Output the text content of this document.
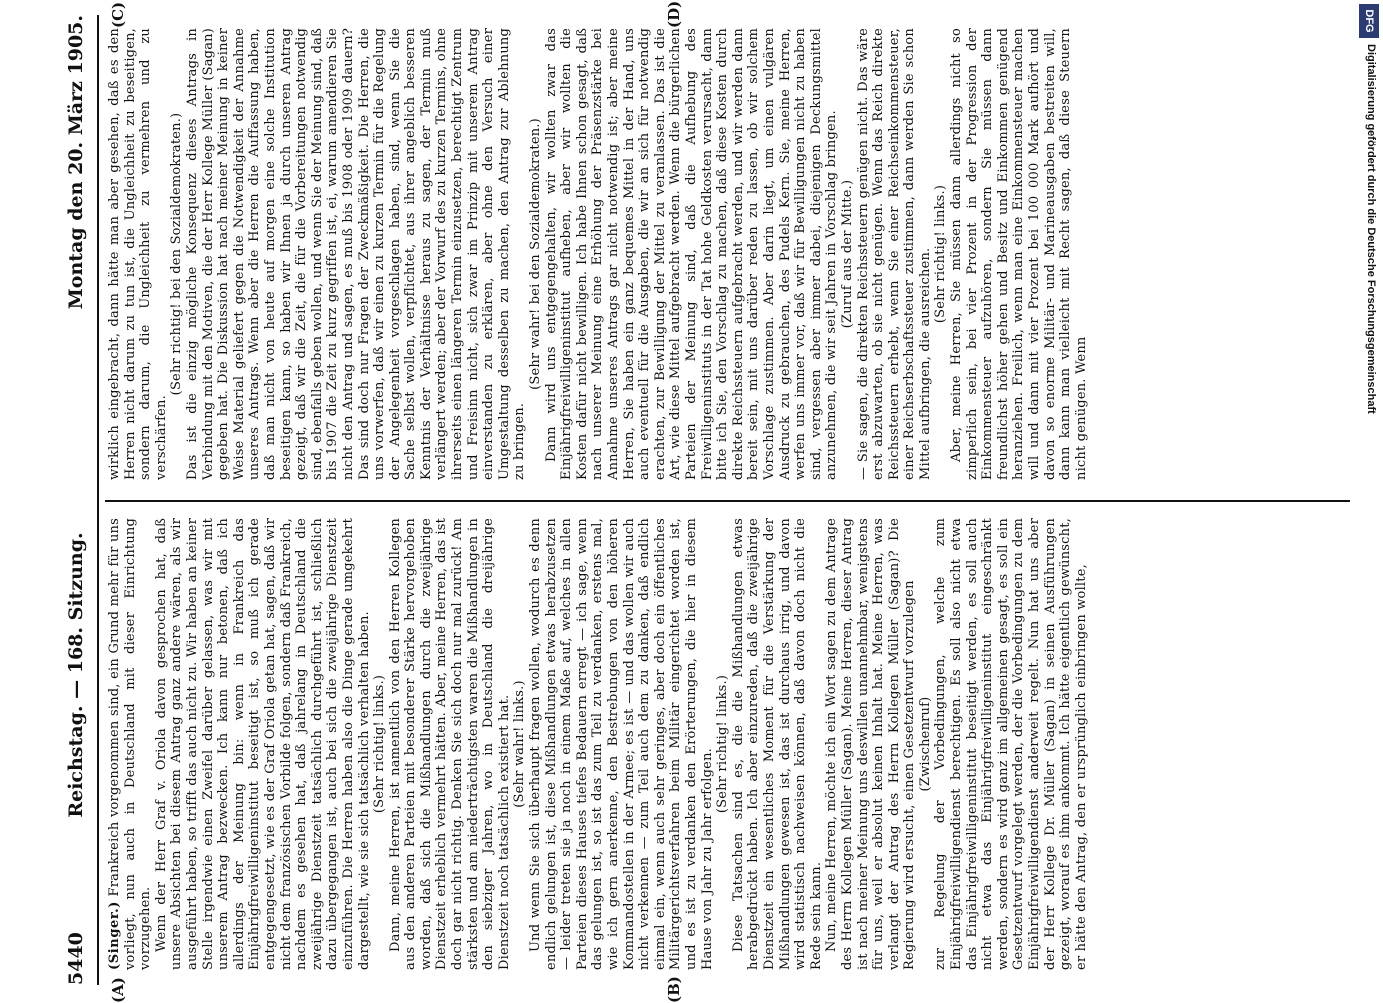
5440
Reichstag. — 168. Sitzung.
Montag den 20. März 1905.
(A)	(B)
(C)	(D)

(Singer.) Frankreich vorgenommen sind, ein Grund mehr für uns vorliegt, nun auch in Deutschland mit dieser Einrichtung vorzugehen. Wenn der Herr Graf v. Oriola davon gesprochen hat, daß unsere Absichten bei diesem Antrag ganz andere wären, als wir ausgeführt haben, so trifft das auch nicht zu. Wir haben an keiner Stelle irgendwie einen Zweifel darüber gelassen, was wir mit unserem Antrag bezwecken. Ich kann nur betonen, daß ich allerdings der Meinung bin: wenn in Frankreich das Einjährigfreiwilligeninstitut beseitigt ist, so muß ich gerade entgegengesetzt, wie es der Graf Oriola getan hat, sagen, daß wir nicht dem französischen Vorbilde folgen, sondern daß Frankreich, nachdem es gesehen hat, daß jahrelang in Deutschland die zweijährige Dienstzeit tatsächlich durchgeführt ist, schließlich dazu übergegangen ist, auch bei sich die zweijährige Dienstzeit einzuführen. Die Herren haben also die Dinge gerade umgekehrt dargestellt, wie sie sich tatsächlich verhalten haben. (Sehr richtig! links.) Dann, meine Herren, ist namentlich von den Herren Kollegen aus den anderen Parteien mit besonderer Stärke hervorgehoben worden, daß sich die Mißhandlungen durch die zweijährige Dienstzeit erheblich vermehrt hätten. Aber, meine Herren, das ist doch gar nicht richtig. Denken Sie sich doch nur mal zurück! Am stärksten und am niederträchtigsten waren die Mißhandlungen in den siebziger Jahren, wo in Deutschland die dreijährige Dienstzeit noch tatsächlich existiert hat. (Sehr wahr! links.) Und wenn Sie sich überhaupt fragen wollen, wodurch es denn endlich gelungen ist, diese Mißhandlungen etwas herabzusetzen — leider treten sie ja noch in einem Maße auf, welches in allen Parteien dieses Hauses tiefes Bedauern erregt — ich sage, wenn das gelungen ist, so ist das zum Teil zu verdanken, erstens mal, wie ich gern anerkenne, den Bestrebungen von den höheren Kommandostellen in der Armee; es ist — und das wollen wir auch nicht verkennen — zum Teil auch dem zu danken, daß endlich einmal ein, wenn auch sehr geringes, aber doch ein öffentliches Militärgerichtsverfahren beim Militär eingerichtet worden ist, und es ist zu verdanken den Erörterungen, die hier in diesem Hause von Jahr zu Jahr erfolgen.

(Sehr richtig! links.) Diese Tatsachen sind es, die die Mißhandlungen etwas herabgedrückt haben. Ich aber einzureden, daß die zweijährige Dienstzeit ein wesentliches Moment für die Verstärkung der Mißhandlungen gewesen ist, das ist durchaus irrig, und davon wird statistisch nachweisen können, daß davon doch nicht die Rede sein kann. Nun, meine Herren, möchte ich ein Wort sagen zu dem Antrage des Herrn Kollegen Müller (Sagan). Meine Herren, dieser Antrag ist nach meiner Meinung uns deswillen unannehmbar, wenigstens für uns, weil er absolut keinen Inhalt hat. Meine Herren, was verlangt der Antrag des Herrn Kollegen Müller (Sagan)? Die Regierung wird ersucht, einen Gesetzentwurf vorzulegen (Zwischenruf) zur Regelung der Vorbedingungen, welche zum Einjährigfreiwilligendienst berechtigen. Es soll also nicht etwa das Einjährigfreiwilligeninstitut beseitigt werden, es soll auch nicht etwa das Einjährigfreiwilligeninstitut eingeschränkt werden, sondern es wird ganz im allgemeinen gesagt, es soll ein Gesetzentwurf vorgelegt werden, der die Vorbedingungen zu dem Einjährigfreiwilligendienst anderweit regelt. Nun hat uns aber der Herr Kollege Dr. Müller (Sagan) in seinen Ausführungen gezeigt, worauf es ihm ankommt. Ich hätte eigentlich gewünscht, er hätte den Antrag, den er ursprünglich einbringen wollte,

wirklich eingebracht, dann hätte man aber gesehen, daß es den Herren nicht darum zu tun ist, die Ungleichheit zu beseitigen, sondern darum, die Ungleichheit zu vermehren und zu verschärfen.

(Sehr richtig! bei den Sozialdemokraten.) Das ist die einzig mögliche Konsequenz dieses Antrags in Verbindung mit den Motiven, die der Herr Kollege Müller (Sagan) gegeben hat. Die Diskussion hat nach meiner Meinung in keiner Weise Material geliefert gegen die Notwendigkeit der Annahme unseres Antrags. Wenn aber die Herren die Auffassung haben, daß man nicht von heute auf morgen eine solche Institution beseitigen kann, so haben wir Ihnen ja durch unseren Antrag gezeigt, daß wir die Zeit, die für die Vorbereitungen notwendig sind, ebenfalls geben wollen, und wenn Sie der Meinung sind, daß bis 1907 die Zeit zu kurz gegriffen ist, ei, warum amendieren Sie nicht den Antrag und sagen, es muß bis 1908 oder 1909 dauern? Das sind doch nur Fragen der Zweckmäßigkeit. Die Herren, die uns vorwerfen, daß wir einen zu kurzen Termin für die Regelung der Angelegenheit vorgeschlagen haben, sind, wenn Sie die Sache selbst wollen, verpflichtet, aus ihrer angeblich besseren Kenntnis der Verhältnisse heraus zu sagen, der Termin muß verlängert werden; aber der Vorwurf des zu kurzen Termins, ohne ihrerseits einen längeren Termin einzusetzen, berechtigt Zentrum und Freisinn nicht, sich zwar im Prinzip mit unserem Antrag einverstanden zu erklären, aber ohne den Versuch einer Umgestaltung desselben zu machen, den Antrag zur Ablehnung zu bringen.

(Sehr wahr! bei den Sozialdemokraten.) Dann wird uns entgegengehalten, wir wollten zwar das Einjährigfreiwilligeninstitut aufheben, aber wir wollten die Kosten dafür nicht bewilligen. Ich habe Ihnen schon gesagt, daß nach unserer Meinung eine Erhöhung der Präsenzstärke bei Annahme unseres Antrags gar nicht notwendig ist; aber meine Herren, Sie haben ein ganz bequemes Mittel in der Hand, uns auch eventuell für die Ausgaben, die wir an sich für notwendig erachten, zur Bewilligung der Mittel zu veranlassen. Das ist die Art, wie diese Mittel aufgebracht werden. Wenn die bürgerlichen Parteien der Meinung sind, daß die Aufhebung des Freiwilligeninstituts in der Tat hohe Geldkosten verursacht, dann bitte ich Sie, den Vorschlag zu machen, daß diese Kosten durch direkte Reichssteuern aufgebracht werden, und wir werden dann bereit sein, mit uns darüber reden zu lassen, ob wir solchem Vorschlage zustimmen. Aber darin liegt, um einen vulgären Ausdruck zu gebrauchen, des Pudels Kern. Sie, meine Herren, werfen uns immer vor, daß wir für Bewilligungen nicht zu haben sind, vergessen aber immer dabei, diejenigen Deckungsmittel anzunehmen, die wir seit Jahren in Vorschlag bringen. (Zuruf aus der Mitte.) — Sie sagen, die direkten Reichssteuern genügen nicht. Das wäre erst abzuwarten, ob sie nicht genügen. Wenn das Reich direkte Reichssteuern erhebt, wenn Sie einer Reichseinkommensteuer, einer Reichserbschaftssteuer zustimmen, dann werden Sie schon Mittel aufbringen, die ausreichen. (Sehr richtig! links.) Aber, meine Herren, Sie müssen dann allerdings nicht so zimperlich sein, bei vier Prozent in der Progression der Einkommensteuer aufzuhören, sondern Sie müssen dann freundlichst höher gehen und Besitz und Einkommen genügend heranziehen. Freilich, wenn man eine Einkommensteuer machen will und dann mit vier Prozent bei 100 000 Mark aufhört und davon so enorme Militär- und Marineausgaben bestreiten will, dann kann man vielleicht mit Recht sagen, daß diese Steuern nicht genügen. Wenn

DFG
Digitalisierung gefördert durch die Deutsche Forschungsgemeinschaft
